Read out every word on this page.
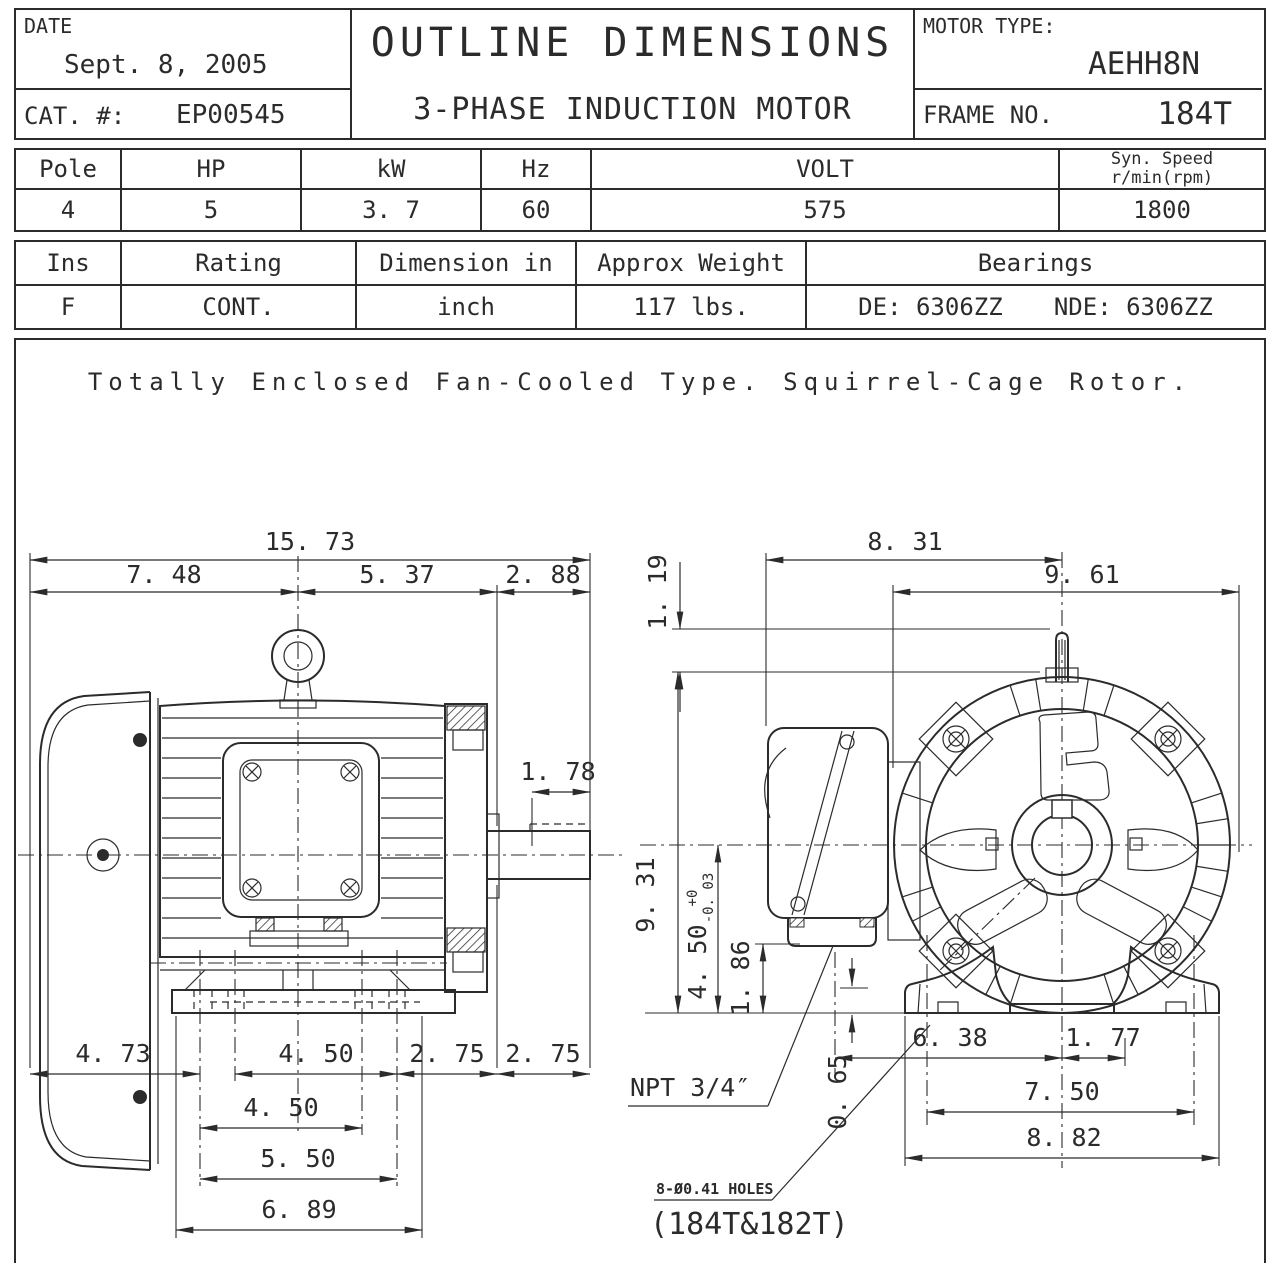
DATE
Sept. 8, 2005
CAT. #: EP00545
OUTLINE DIMENSIONS
3-PHASE INDUCTION MOTOR
MOTOR TYPE:
AEHH8N
FRAME NO.	184T
Pole	HP	kW	Hz	VOLT	Syn. Speed
r/min(rpm)
4	5	3. 7	60	575	1800
Ins	Rating	Dimension in	Approx Weight	Bearings
F	CONT.	inch	117 lbs.	DE: 6306ZZ NDE: 6306ZZ
Totally Enclosed Fan-Cooled Type. Squirrel-Cage Rotor.
15. 73
7. 48	5. 37	2. 88
1. 78
4. 73	4. 50 2. 75 2. 75
4. 50
5. 50
6. 89
8. 31
9. 61
1. 19
9. 31
4. 50
+0 -0. 03
1. 86
0. 65
6. 38	1. 77
7. 50
8. 82
NPT 3/4″
8-Ø0.41 HOLES
(184T&182T)
